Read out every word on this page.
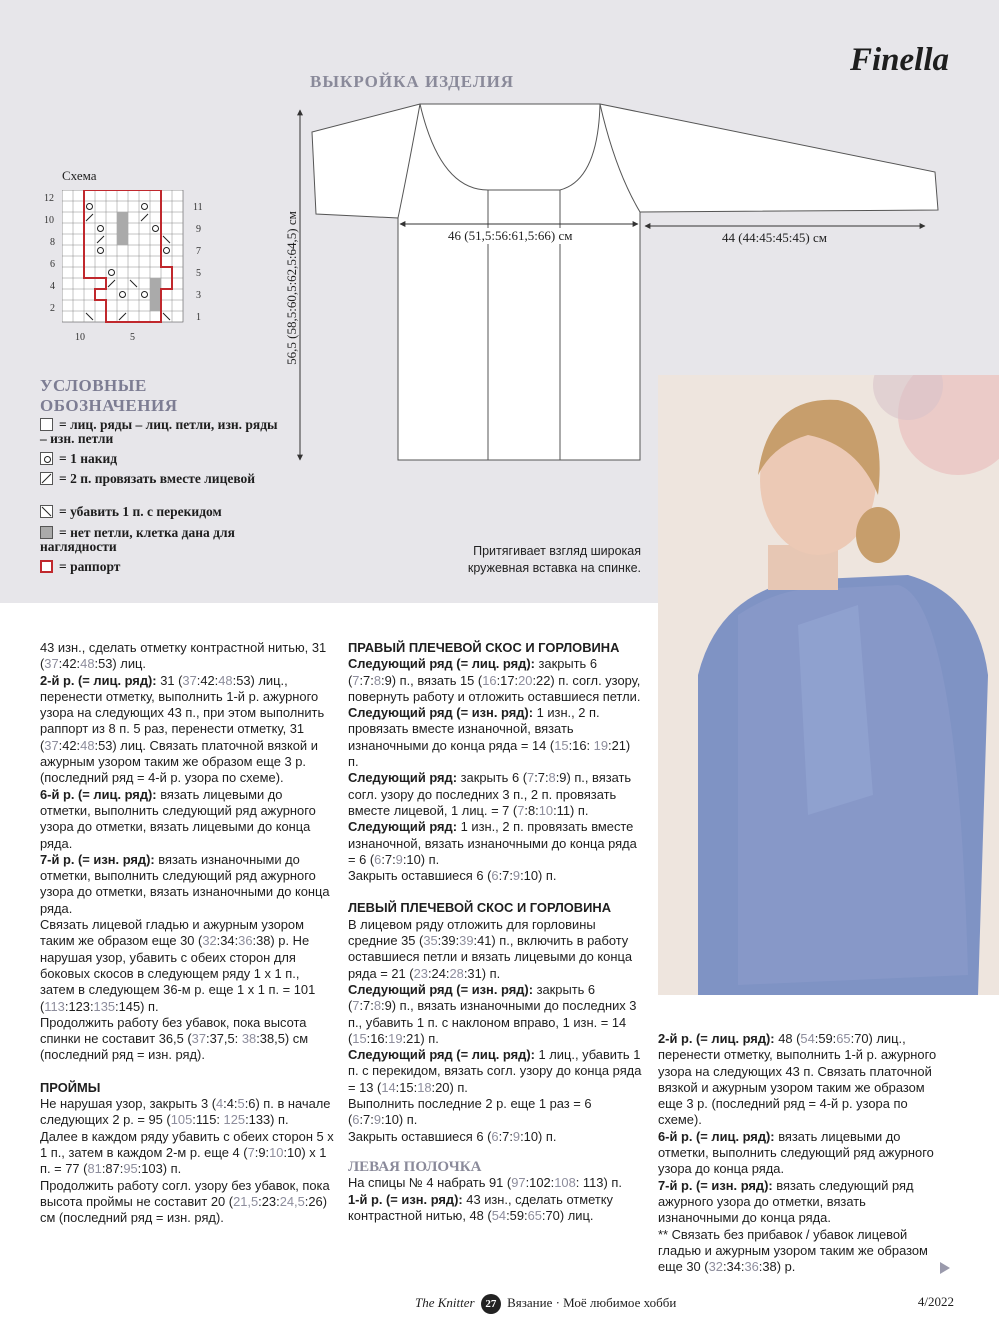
Finella
ВЫКРОЙКА ИЗДЕЛИЯ
56,5 (58,5:60,5:62,5:64,5) см	46 (51,5:56:61,5:66) см	44 (44:45:45:45) см
Схема
12
10
8
6
4
2
11
9
7
5
3
1
10	5
УСЛОВНЫЕ
ОБОЗНАЧЕНИЯ
= лиц. ряды – лиц. петли, изн. ряды – изн. петли
= 1 накид
= 2 п. провязать вместе лицевой
= убавить 1 п. с перекидом
= нет петли, клетка дана для наглядности
= раппорт
Притягивает взгляд широкая кружевная вставка на спинке.

43 изн., сделать отметку контрастной нитью, 31 (37:42:48:53) лиц.

2-й р. (= лиц. ряд): 31 (37:42:48:53) лиц., перенести отметку, выполнить 1-й р. ажурного узора на следующих 43 п., при этом выполнить раппорт из 8 п. 5 раз, перенести отметку, 31 (37:42:48:53) лиц. Связать платочной вязкой и ажурным узором таким же образом еще 3 р. (последний ряд = 4-й р. узора по схеме).

6-й р. (= лиц. ряд): вязать лицевыми до отметки, выполнить следующий ряд ажурного узора до отметки, вязать лицевыми до конца ряда.

7-й р. (= изн. ряд): вязать изнаночными до отметки, выполнить следующий ряд ажурного узора до отметки, вязать изнаночными до конца ряда.

Связать лицевой гладью и ажурным узором таким же образом еще 30 (32:34:36:38) р. Не нарушая узор, убавить с обеих сторон для боковых скосов в следующем ряду 1 х 1 п., затем в следующем 36-м р. еще 1 х 1 п. = 101 (113:123:135:145) п.

Продолжить работу без убавок, пока высота спинки не составит 36,5 (37:37,5: 38:38,5) см (последний ряд = изн. ряд).

ПРОЙМЫ

Не нарушая узор, закрыть 3 (4:4:5:6) п. в начале следующих 2 р. = 95 (105:115: 125:133) п.

Далее в каждом ряду убавить с обеих сторон 5 х 1 п., затем в каждом 2-м р. еще 4 (7:9:10:10) х 1 п. = 77 (81:87:95:103) п.

Продолжить работу согл. узору без убавок, пока высота проймы не составит 20 (21,5:23:24,5:26) см (последний ряд = изн. ряд).

ПРАВЫЙ ПЛЕЧЕВОЙ СКОС И ГОРЛОВИНА

Следующий ряд (= лиц. ряд): закрыть 6 (7:7:8:9) п., вязать 15 (16:17:20:22) п. согл. узору, повернуть работу и отложить оставшиеся петли.

Следующий ряд (= изн. ряд): 1 изн., 2 п. провязать вместе изнаночной, вязать изнаночными до конца ряда = 14 (15:16: 19:21) п.

Следующий ряд: закрыть 6 (7:7:8:9) п., вязать согл. узору до последних 3 п., 2 п. провязать вместе лицевой, 1 лиц. = 7 (7:8:10:11) п.

Следующий ряд: 1 изн., 2 п. провязать вместе изнаночной, вязать изнаночными до конца ряда = 6 (6:7:9:10) п.

Закрыть оставшиеся 6 (6:7:9:10) п.

ЛЕВЫЙ ПЛЕЧЕВОЙ СКОС И ГОРЛОВИНА

В лицевом ряду отложить для горловины средние 35 (35:39:39:41) п., включить в работу оставшиеся петли и вязать лицевыми до конца ряда = 21 (23:24:28:31) п.

Следующий ряд (= изн. ряд): закрыть 6 (7:7:8:9) п., вязать изнаночными до последних 3 п., убавить 1 п. с наклоном вправо, 1 изн. = 14 (15:16:19:21) п.

Следующий ряд (= лиц. ряд): 1 лиц., убавить 1 п. с перекидом, вязать согл. узору до конца ряда = 13 (14:15:18:20) п.

Выполнить последние 2 р. еще 1 раз = 6 (6:7:9:10) п.

Закрыть оставшиеся 6 (6:7:9:10) п.

ЛЕВАЯ ПОЛОЧКА

На спицы № 4 набрать 91 (97:102:108: 113) п.

1-й р. (= изн. ряд): 43 изн., сделать отметку контрастной нитью, 48 (54:59:65:70) лиц.

2-й р. (= лиц. ряд): 48 (54:59:65:70) лиц., перенести отметку, выполнить 1-й р. ажурного узора на следующих 43 п. Связать платочной вязкой и ажурным узором таким же образом еще 3 р. (последний ряд = 4-й р. узора по схеме).

6-й р. (= лиц. ряд): вязать лицевыми до отметки, выполнить следующий ряд ажурного узора до конца ряда.

7-й р. (= изн. ряд): вязать следующий ряд ажурного узора до отметки, вязать изнаночными до конца ряда.

** Связать без прибавок / убавок лицевой гладью и ажурным узором таким же образом еще 30 (32:34:36:38) р.

The Knitter 27 Вязание · Моё любимое хобби	4/2022
